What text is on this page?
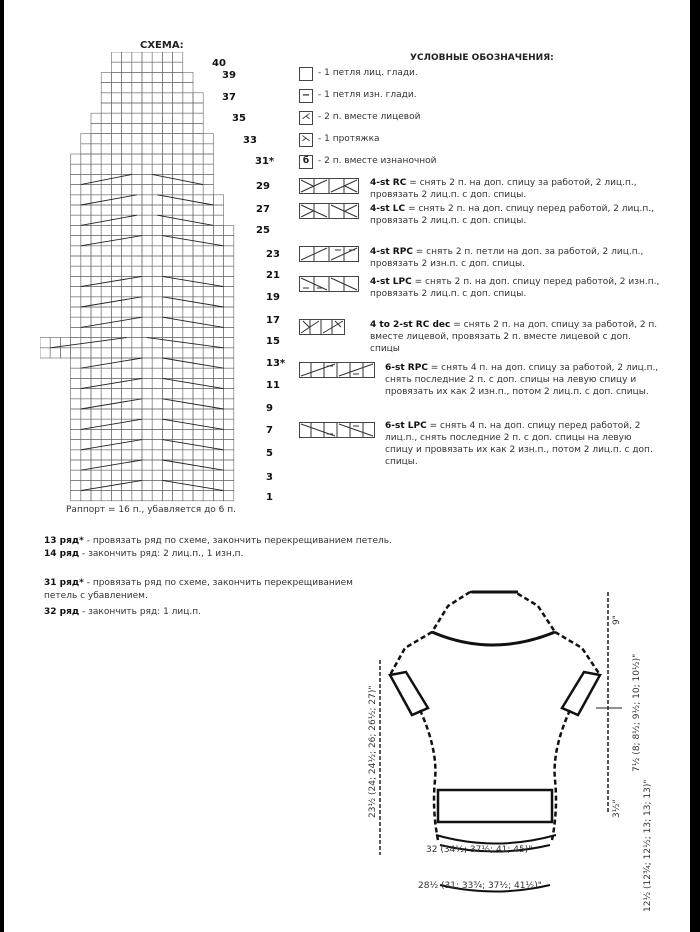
СХЕМА:
40
39
37
35
33
31*
29
27
25
23
21
19
17
15
13*
11
9
7
5
3
1
Раппорт = 16 п., убавляется до 6 п.
УСЛОВНЫЕ ОБОЗНАЧЕНИЯ:
- 1 петля лиц. глади.
− - 1 петля изн. глади.
⋌ - 2 п. вместе лицевой
⋋ - 1 протяжка
б - 2 п. вместе изнаночной
4-st RC = снять 2 п. на доп. спицу за работой, 2 лиц.п., провязать 2 лиц.п. с доп. спицы.
4-st LC = снять 2 п. на доп. спицу перед работой, 2 лиц.п., провязать 2 лиц.п. с доп. спицы.
4-st RPC = снять 2 п. петли на доп. за работой, 2 лиц.п., провязать 2 изн.п. с доп. спицы.
4-st LPC = снять 2 п. на доп. спицу перед работой, 2 изн.п., провязать 2 лиц.п. с доп. спицы.
4 to 2-st RC dec = снять 2 п. на доп. спицу за работой, 2 п. вместе лицевой, провязать 2 п. вместе лицевой с доп. спицы
6-st RPC = снять 4 п. на доп. спицу за работой, 2 лиц.п., снять последние 2 п. с доп. спицы на левую спицу и провязать их как 2 изн.п., потом 2 лиц.п. с доп. спицы.
6-st LPC = снять 4 п. на доп. спицу перед работой, 2 лиц.п., снять последние 2 п. с доп. спицы на левую спицу и провязать их как 2 изн.п., потом 2 лиц.п. с доп. спицы.
13 ряд* - провязать ряд по схеме, закончить перекрещиванием петель.
14 ряд - закончить ряд: 2 лиц.п., 1 изн.п.
31 ряд* - провязать ряд по схеме, закончить перекрещиванием петель с убавлением.
32 ряд - закончить ряд: 1 лиц.п.
23½ (24; 24½; 26; 26½; 27)"	3½"
9"
7½ (8; 8½; 9½; 10; 10½)"
12½ (12¾; 12½; 13; 13; 13)"
32 (34½; 37½; 41; 45)"
28½ (31; 33¾; 37½; 41½)"
